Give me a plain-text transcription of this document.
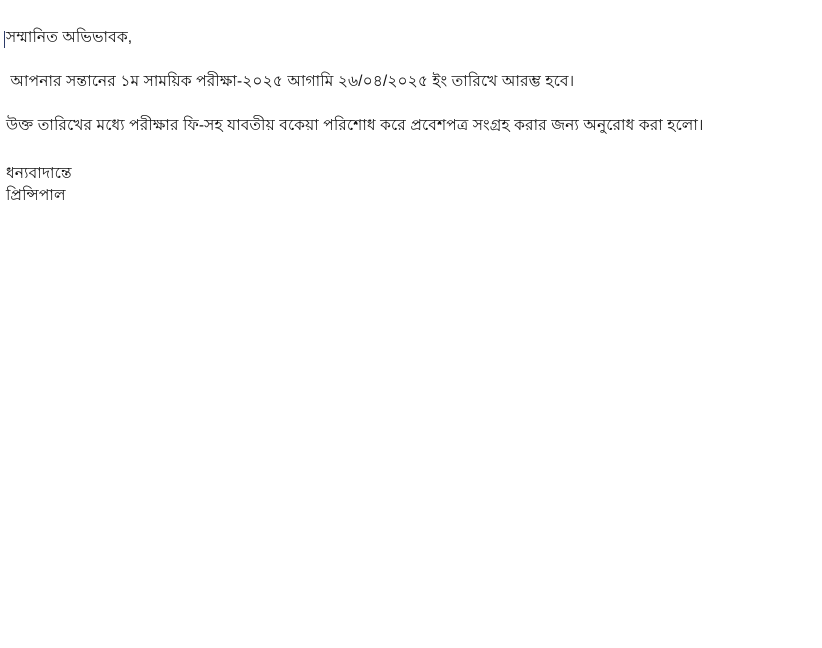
সম্মানিত অভিভাবক,
আপনার সন্তানের ১ম সাময়িক পরীক্ষা-২০২৫ আগামি ২৬/০৪/২০২৫ ইং তারিখে আরম্ভ হবে।
উক্ত তারিখের মধ্যে পরীক্ষার ফি-সহ যাবতীয় বকেয়া পরিশোধ করে প্রবেশপত্র সংগ্রহ করার জন্য অনুরোধ করা হলো।
ধন্যবাদান্তে
প্রিন্সিপাল
